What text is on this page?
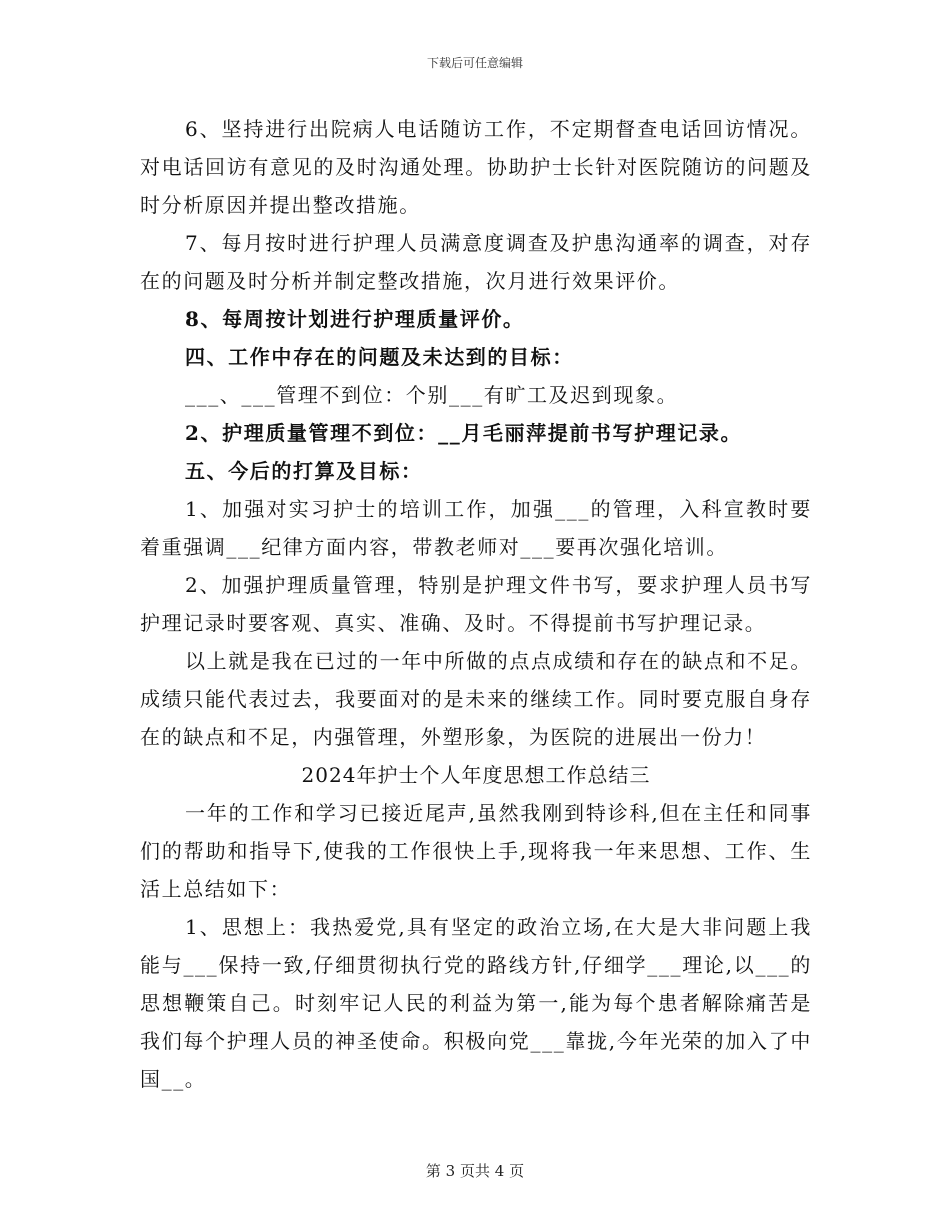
下载后可任意编辑

6、坚持进行出院病人电话随访工作，不定期督查电话回访情况。对电话回访有意见的及时沟通处理。协助护士长针对医院随访的问题及时分析原因并提出整改措施。

7、每月按时进行护理人员满意度调查及护患沟通率的调查，对存在的问题及时分析并制定整改措施，次月进行效果评价。

8、每周按计划进行护理质量评价。

四、工作中存在的问题及未达到的目标：

___、___管理不到位：个别___有旷工及迟到现象。

2、护理质量管理不到位：__月毛丽萍提前书写护理记录。

五、今后的打算及目标：

1、加强对实习护士的培训工作，加强___的管理，入科宣教时要着重强调___纪律方面内容，带教老师对___要再次强化培训。

2、加强护理质量管理，特别是护理文件书写，要求护理人员书写护理记录时要客观、真实、准确、及时。不得提前书写护理记录。

以上就是我在已过的一年中所做的点点成绩和存在的缺点和不足。成绩只能代表过去，我要面对的是未来的继续工作。同时要克服自身存在的缺点和不足，内强管理，外塑形象，为医院的进展出一份力！

2024年护士个人年度思想工作总结三

一年的工作和学习已接近尾声,虽然我刚到特诊科,但在主任和同事们的帮助和指导下,使我的工作很快上手,现将我一年来思想、工作、生活上总结如下：

1、思想上：我热爱党,具有坚定的政治立场,在大是大非问题上我能与___保持一致,仔细贯彻执行党的路线方针,仔细学___理论,以___的思想鞭策自己。时刻牢记人民的利益为第一,能为每个患者解除痛苦是我们每个护理人员的神圣使命。积极向党___靠拢,今年光荣的加入了中国__。

第 3 页共 4 页
